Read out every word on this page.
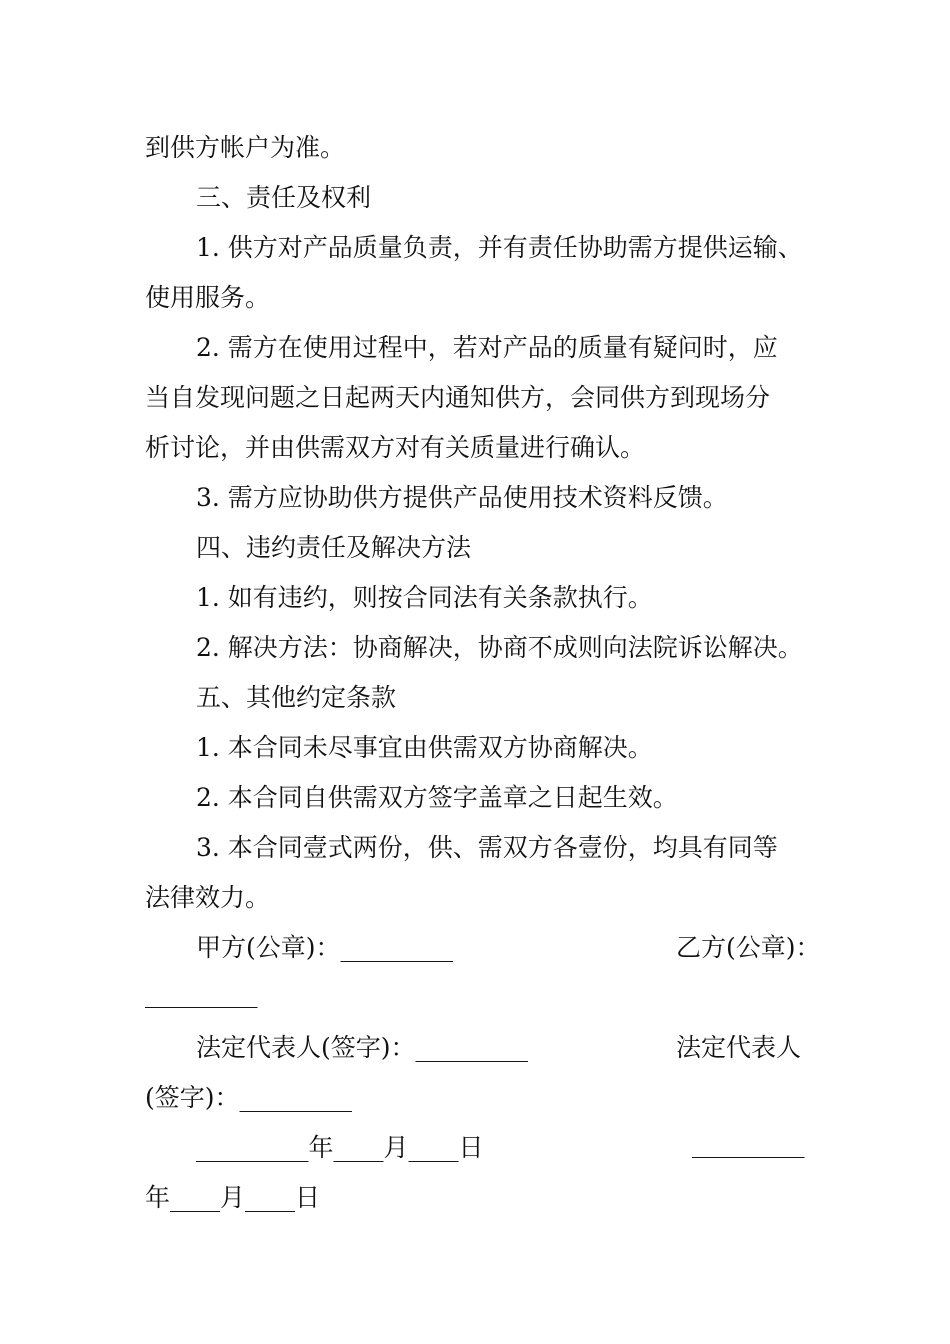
到供方帐户为准。
三、责任及权利
1. 供方对产品质量负责，并有责任协助需方提供运输、
使用服务。
2. 需方在使用过程中，若对产品的质量有疑问时，应
当自发现问题之日起两天内通知供方，会同供方到现场分
析讨论，并由供需双方对有关质量进行确认。
3. 需方应协助供方提供产品使用技术资料反馈。
四、违约责任及解决方法
1. 如有违约，则按合同法有关条款执行。
2. 解决方法：协商解决，协商不成则向法院诉讼解决。
五、其他约定条款
1. 本合同未尽事宜由供需双方协商解决。
2. 本合同自供需双方签字盖章之日起生效。
3. 本合同壹式两份，供、需双方各壹份，均具有同等
法律效力。
甲方(公章)：_________	乙方(公章)：
_________
法定代表人(签字)：_________	法定代表人
(签字)：_________
_________年____月____日	_________
年____月____日
